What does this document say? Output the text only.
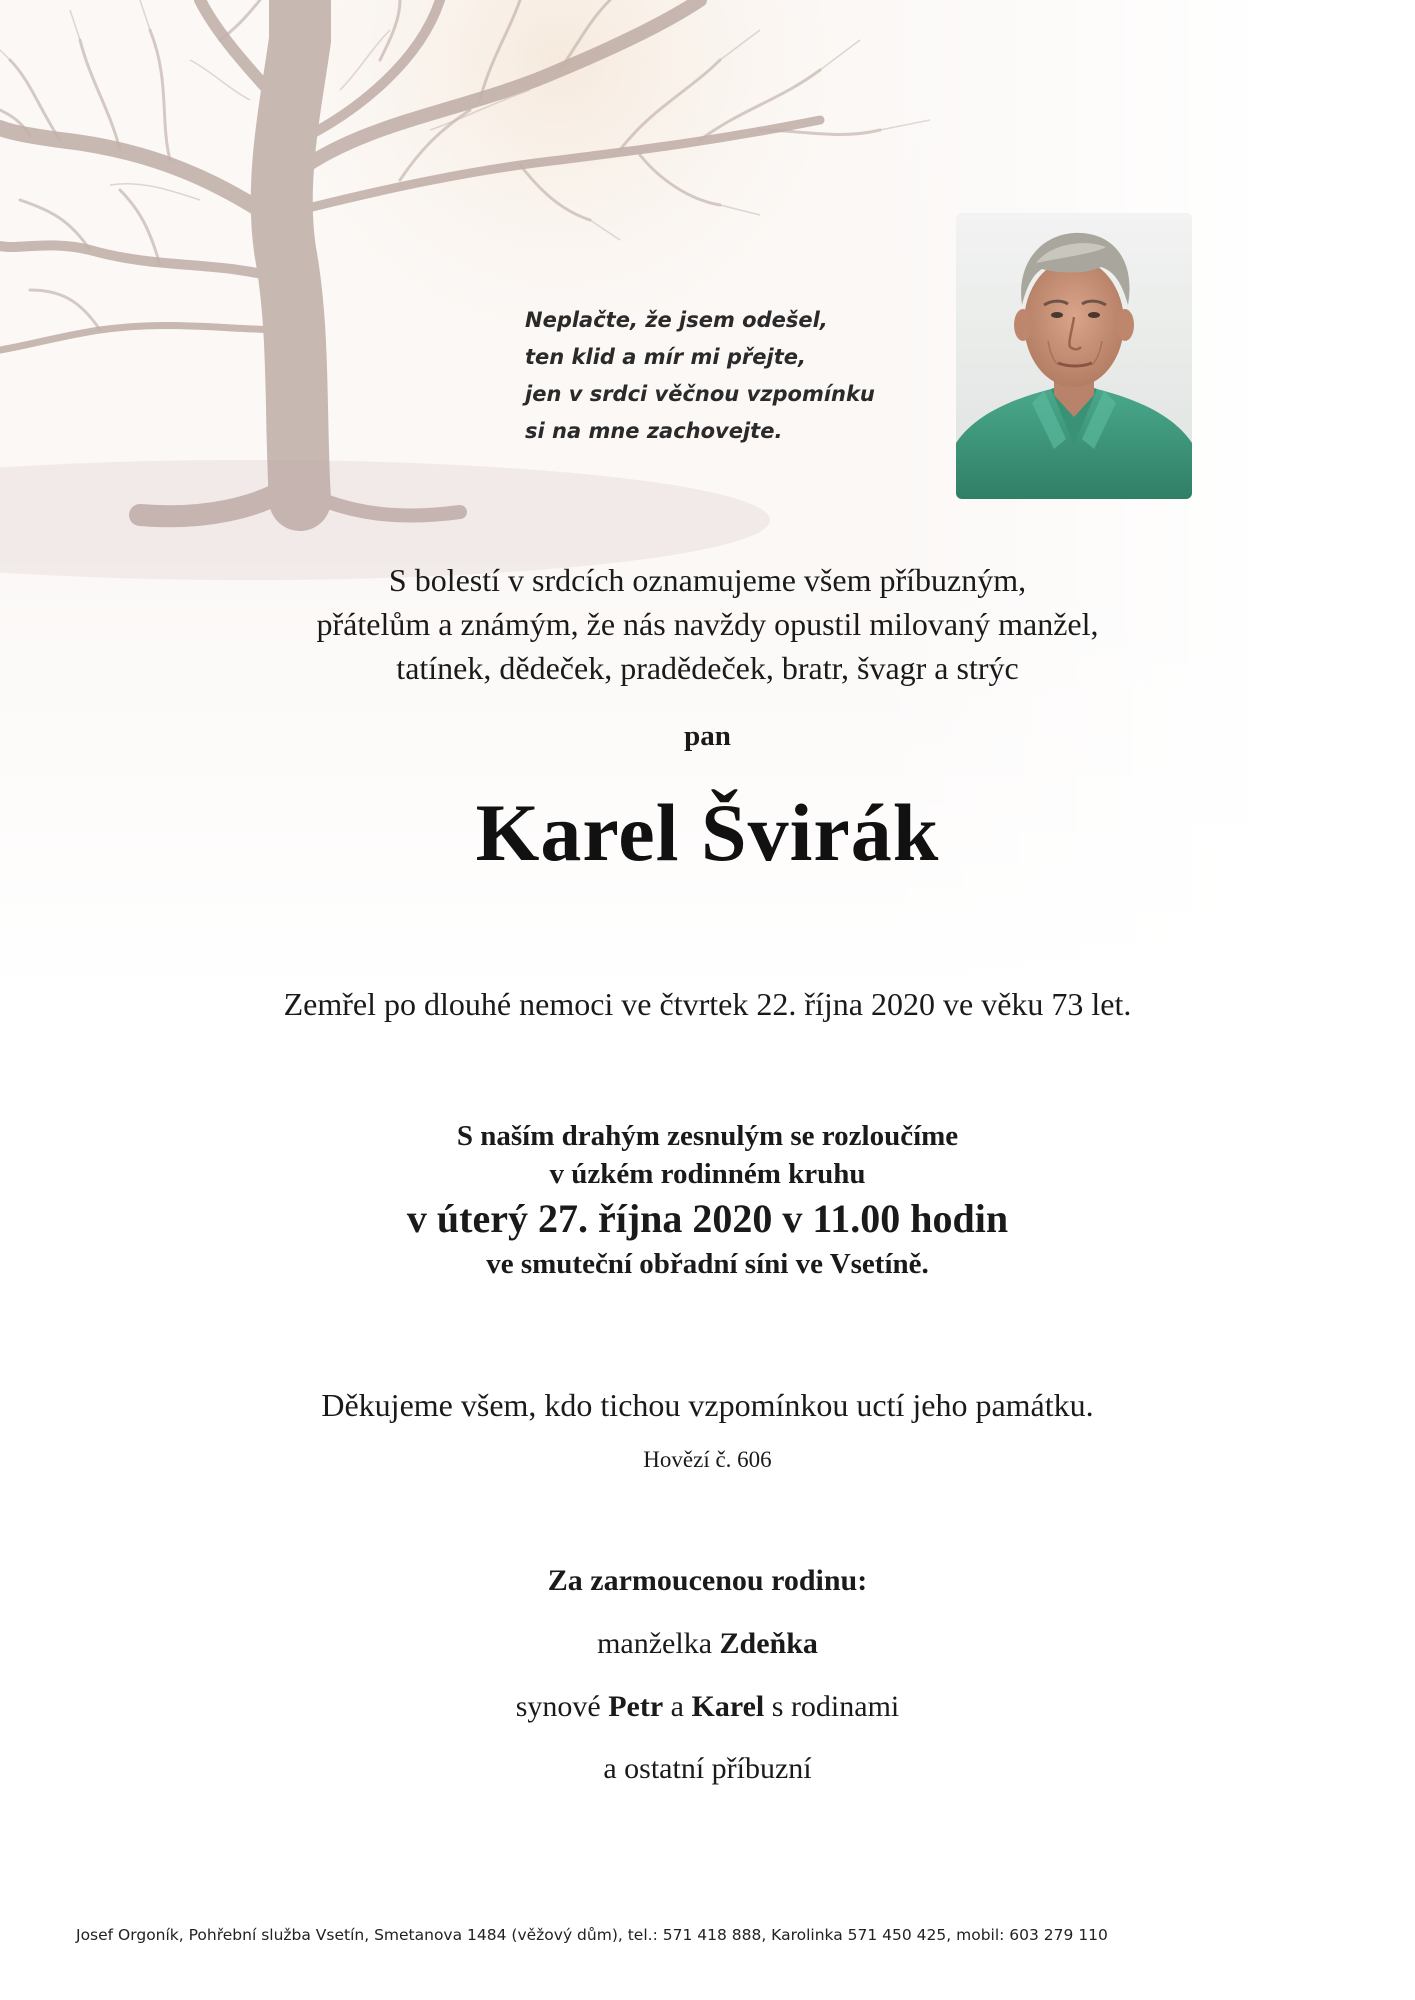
Neplačte, že jsem odešel,
ten klid a mír mi přejte,
jen v srdci věčnou vzpomínku
si na mne zachovejte.
S bolestí v srdcích oznamujeme všem příbuzným,
přátelům a známým, že nás navždy opustil milovaný manžel,
tatínek, dědeček, pradědeček, bratr, švagr a strýc
pan
Karel Švirák
Zemřel po dlouhé nemoci ve čtvrtek 22. října 2020 ve věku 73 let.
S naším drahým zesnulým se rozloučíme
v úzkém rodinném kruhu
v úterý 27. října 2020 v 11.00 hodin
ve smuteční obřadní síni ve Vsetíně.
Děkujeme všem, kdo tichou vzpomínkou uctí jeho památku.
Hovězí č. 606
Za zarmoucenou rodinu:
manželka Zdeňka
synové Petr a Karel s rodinami
a ostatní příbuzní
Josef Orgoník, Pohřební služba Vsetín, Smetanova 1484 (věžový dům), tel.: 571 418 888, Karolinka 571 450 425, mobil: 603 279 110
